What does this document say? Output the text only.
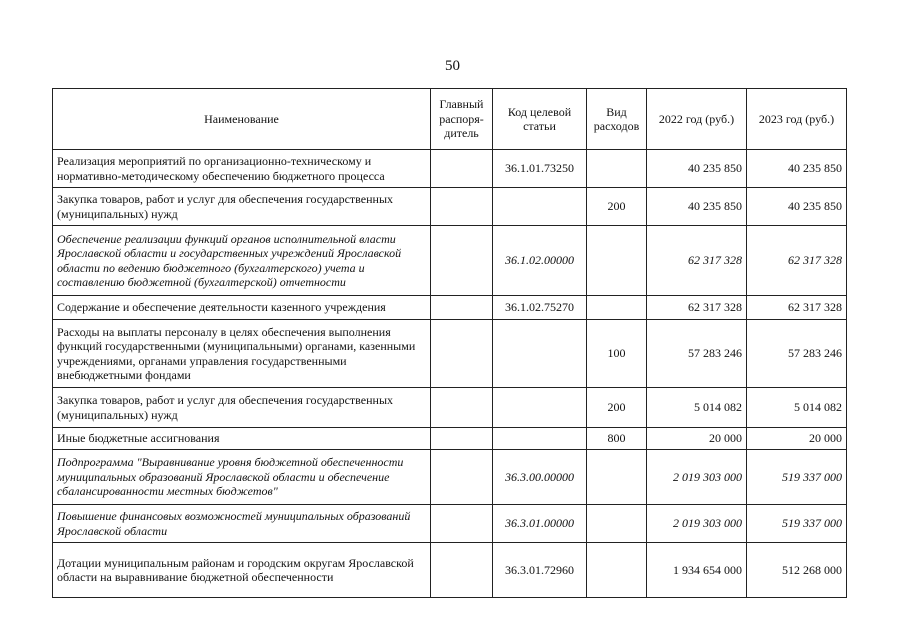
50
Наименование	Главный распоря-дитель	Код целевой статьи	Вид расходов	2022 год (руб.)	2023 год (руб.)
Реализация мероприятий по организационно-техническому и нормативно-методическому обеспечению бюджетного процесса		36.1.01.73250		40 235 850	40 235 850
Закупка товаров, работ и услуг для обеспечения государственных (муниципальных) нужд			200	40 235 850	40 235 850
Обеспечение реализации функций органов исполнительной власти Ярославской области и государственных учреждений Ярославской области по ведению бюджетного (бухгалтерского) учета и составлению бюджетной (бухгалтерской) отчетности		36.1.02.00000		62 317 328	62 317 328
Содержание и обеспечение деятельности казенного учреждения		36.1.02.75270		62 317 328	62 317 328
Расходы на выплаты персоналу в целях обеспечения выполнения функций государственными (муниципальными) органами, казенными учреждениями, органами управления государственными внебюджетными фондами			100	57 283 246	57 283 246
Закупка товаров, работ и услуг для обеспечения государственных (муниципальных) нужд			200	5 014 082	5 014 082
Иные бюджетные ассигнования			800	20 000	20 000
Подпрограмма "Выравнивание уровня бюджетной обеспеченности муниципальных образований Ярославской области и обеспечение сбалансированности местных бюджетов"		36.3.00.00000		2 019 303 000	519 337 000
Повышение финансовых возможностей муниципальных образований Ярославской области		36.3.01.00000		2 019 303 000	519 337 000
Дотации муниципальным районам и городским округам Ярославской области на выравнивание бюджетной обеспеченности		36.3.01.72960		1 934 654 000	512 268 000
